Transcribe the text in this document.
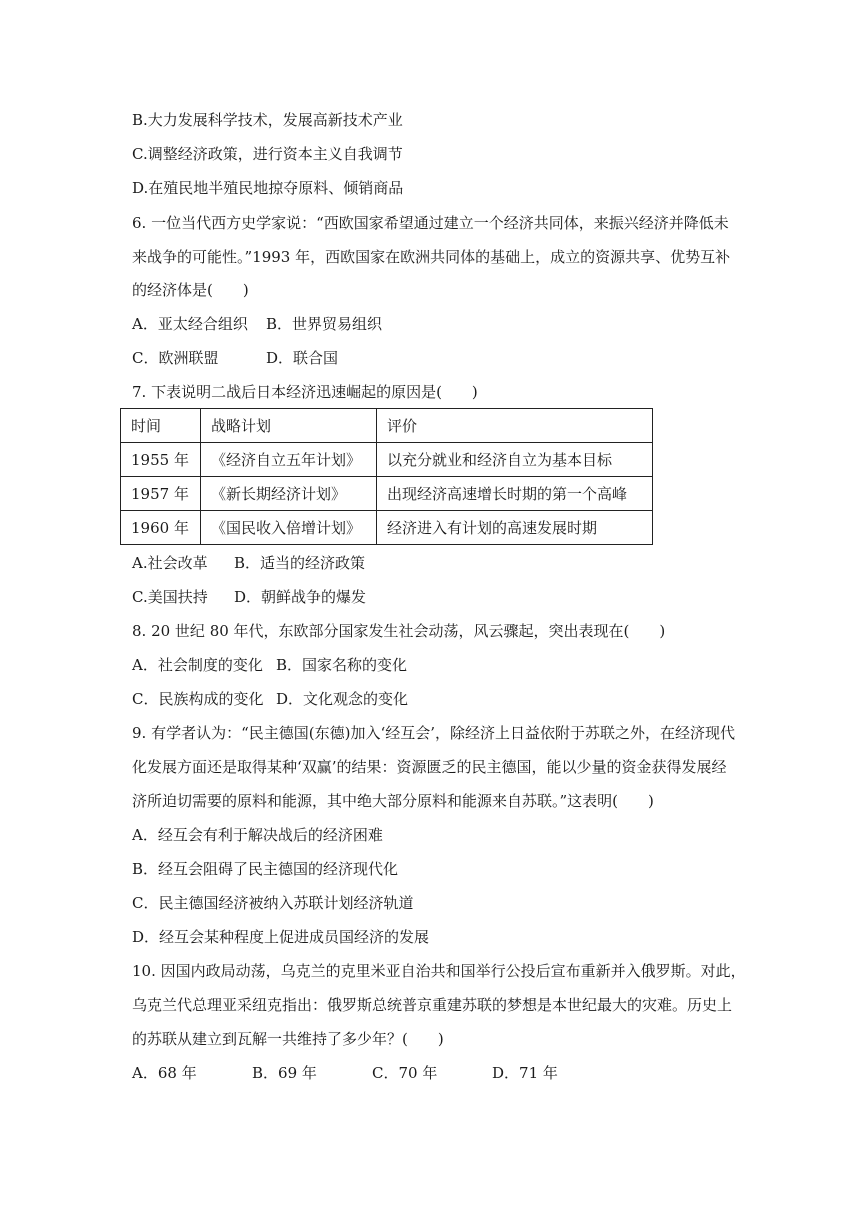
B.大力发展科学技术，发展高新技术产业
C.调整经济政策，进行资本主义自我调节
D.在殖民地半殖民地掠夺原料、倾销商品
6. 一位当代西方史学家说：“西欧国家希望通过建立一个经济共同体，来振兴经济并降低未
来战争的可能性。”1993 年，西欧国家在欧洲共同体的基础上，成立的资源共享、优势互补
的经济体是(　　)
A．亚太经合组织 B．世界贸易组织
C．欧洲联盟	D．联合国
7. 下表说明二战后日本经济迅速崛起的原因是(　　)
时间	战略计划	评价
1955 年	《经济自立五年计划》	以充分就业和经济自立为基本目标
1957 年	《新长期经济计划》	出现经济高速增长时期的第一个高峰
1960 年	《国民收入倍增计划》	经济进入有计划的高速发展时期
A.社会改革 B．适当的经济政策
C.美国扶持 D．朝鲜战争的爆发
8. 20 世纪 80 年代，东欧部分国家发生社会动荡，风云骤起，突出表现在(　　)
A．社会制度的变化 B．国家名称的变化
C．民族构成的变化 D．文化观念的变化
9. 有学者认为：“民主德国(东德)加入‘经互会’，除经济上日益依附于苏联之外，在经济现代
化发展方面还是取得某种‘双赢’的结果：资源匮乏的民主德国，能以少量的资金获得发展经
济所迫切需要的原料和能源，其中绝大部分原料和能源来自苏联。”这表明(　　)
A．经互会有利于解决战后的经济困难
B．经互会阻碍了民主德国的经济现代化
C．民主德国经济被纳入苏联计划经济轨道
D．经互会某种程度上促进成员国经济的发展
10. 因国内政局动荡，乌克兰的克里米亚自治共和国举行公投后宣布重新并入俄罗斯。对此，
乌克兰代总理亚采纽克指出：俄罗斯总统普京重建苏联的梦想是本世纪最大的灾难。历史上
的苏联从建立到瓦解一共维持了多少年？(　　)
A．68 年	B．69 年	C．70 年	D．71 年
